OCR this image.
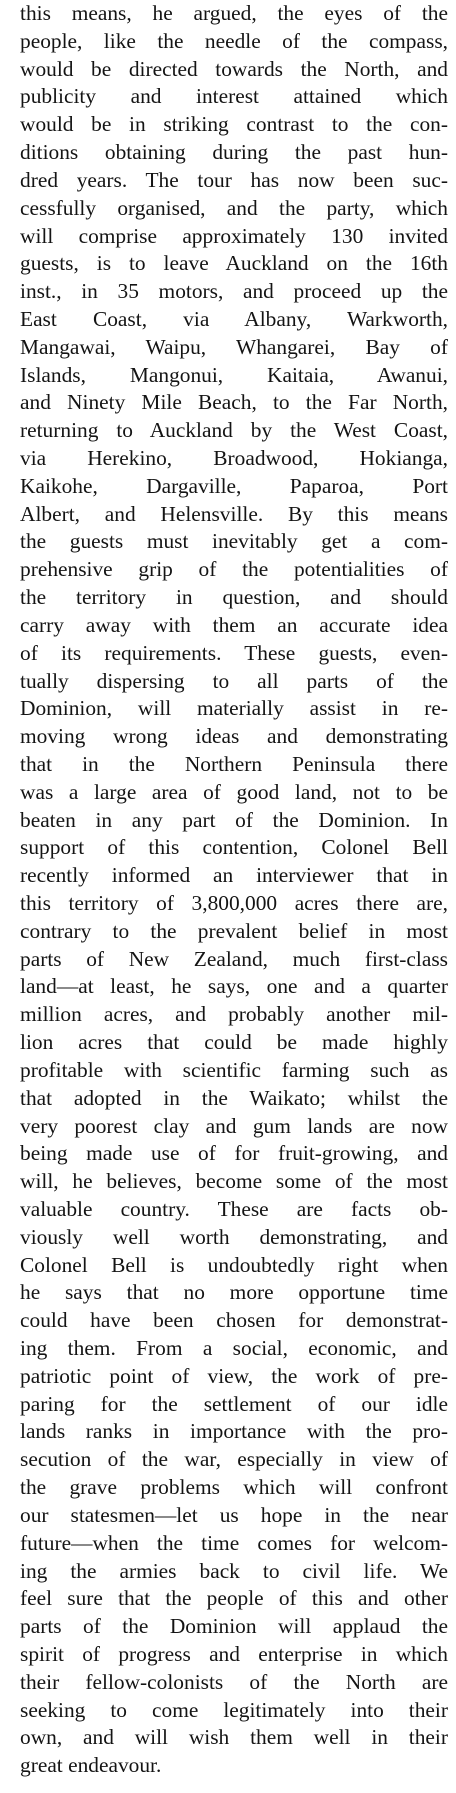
this means, he argued, the eyes of the
people, like the needle of the compass,
would be directed towards the North, and
publicity and interest attained which
would be in striking contrast to the con-
ditions obtaining during the past hun-
dred years. The tour has now been suc-
cessfully organised, and the party, which
will comprise approximately 130 invited
guests, is to leave Auckland on the 16th
inst., in 35 motors, and proceed up the
East Coast, via Albany, Warkworth,
Mangawai, Waipu, Whangarei, Bay of
Islands, Mangonui, Kaitaia, Awanui,
and Ninety Mile Beach, to the Far North,
returning to Auckland by the West Coast,
via Herekino, Broadwood, Hokianga,
Kaikohe, Dargaville, Paparoa, Port
Albert, and Helensville. By this means
the guests must inevitably get a com-
prehensive grip of the potentialities of
the territory in question, and should
carry away with them an accurate idea
of its requirements. These guests, even-
tually dispersing to all parts of the
Dominion, will materially assist in re-
moving wrong ideas and demonstrating
that in the Northern Peninsula there
was a large area of good land, not to be
beaten in any part of the Dominion. In
support of this contention, Colonel Bell
recently informed an interviewer that in
this territory of 3,800,000 acres there are,
contrary to the prevalent belief in most
parts of New Zealand, much first-class
land—at least, he says, one and a quarter
million acres, and probably another mil-
lion acres that could be made highly
profitable with scientific farming such as
that adopted in the Waikato; whilst the
very poorest clay and gum lands are now
being made use of for fruit-growing, and
will, he believes, become some of the most
valuable country. These are facts ob-
viously well worth demonstrating, and
Colonel Bell is undoubtedly right when
he says that no more opportune time
could have been chosen for demonstrat-
ing them. From a social, economic, and
patriotic point of view, the work of pre-
paring for the settlement of our idle
lands ranks in importance with the pro-
secution of the war, especially in view of
the grave problems which will confront
our statesmen—let us hope in the near
future—when the time comes for welcom-
ing the armies back to civil life. We
feel sure that the people of this and other
parts of the Dominion will applaud the
spirit of progress and enterprise in which
their fellow-colonists of the North are
seeking to come legitimately into their
own, and will wish them well in their
great endeavour.
